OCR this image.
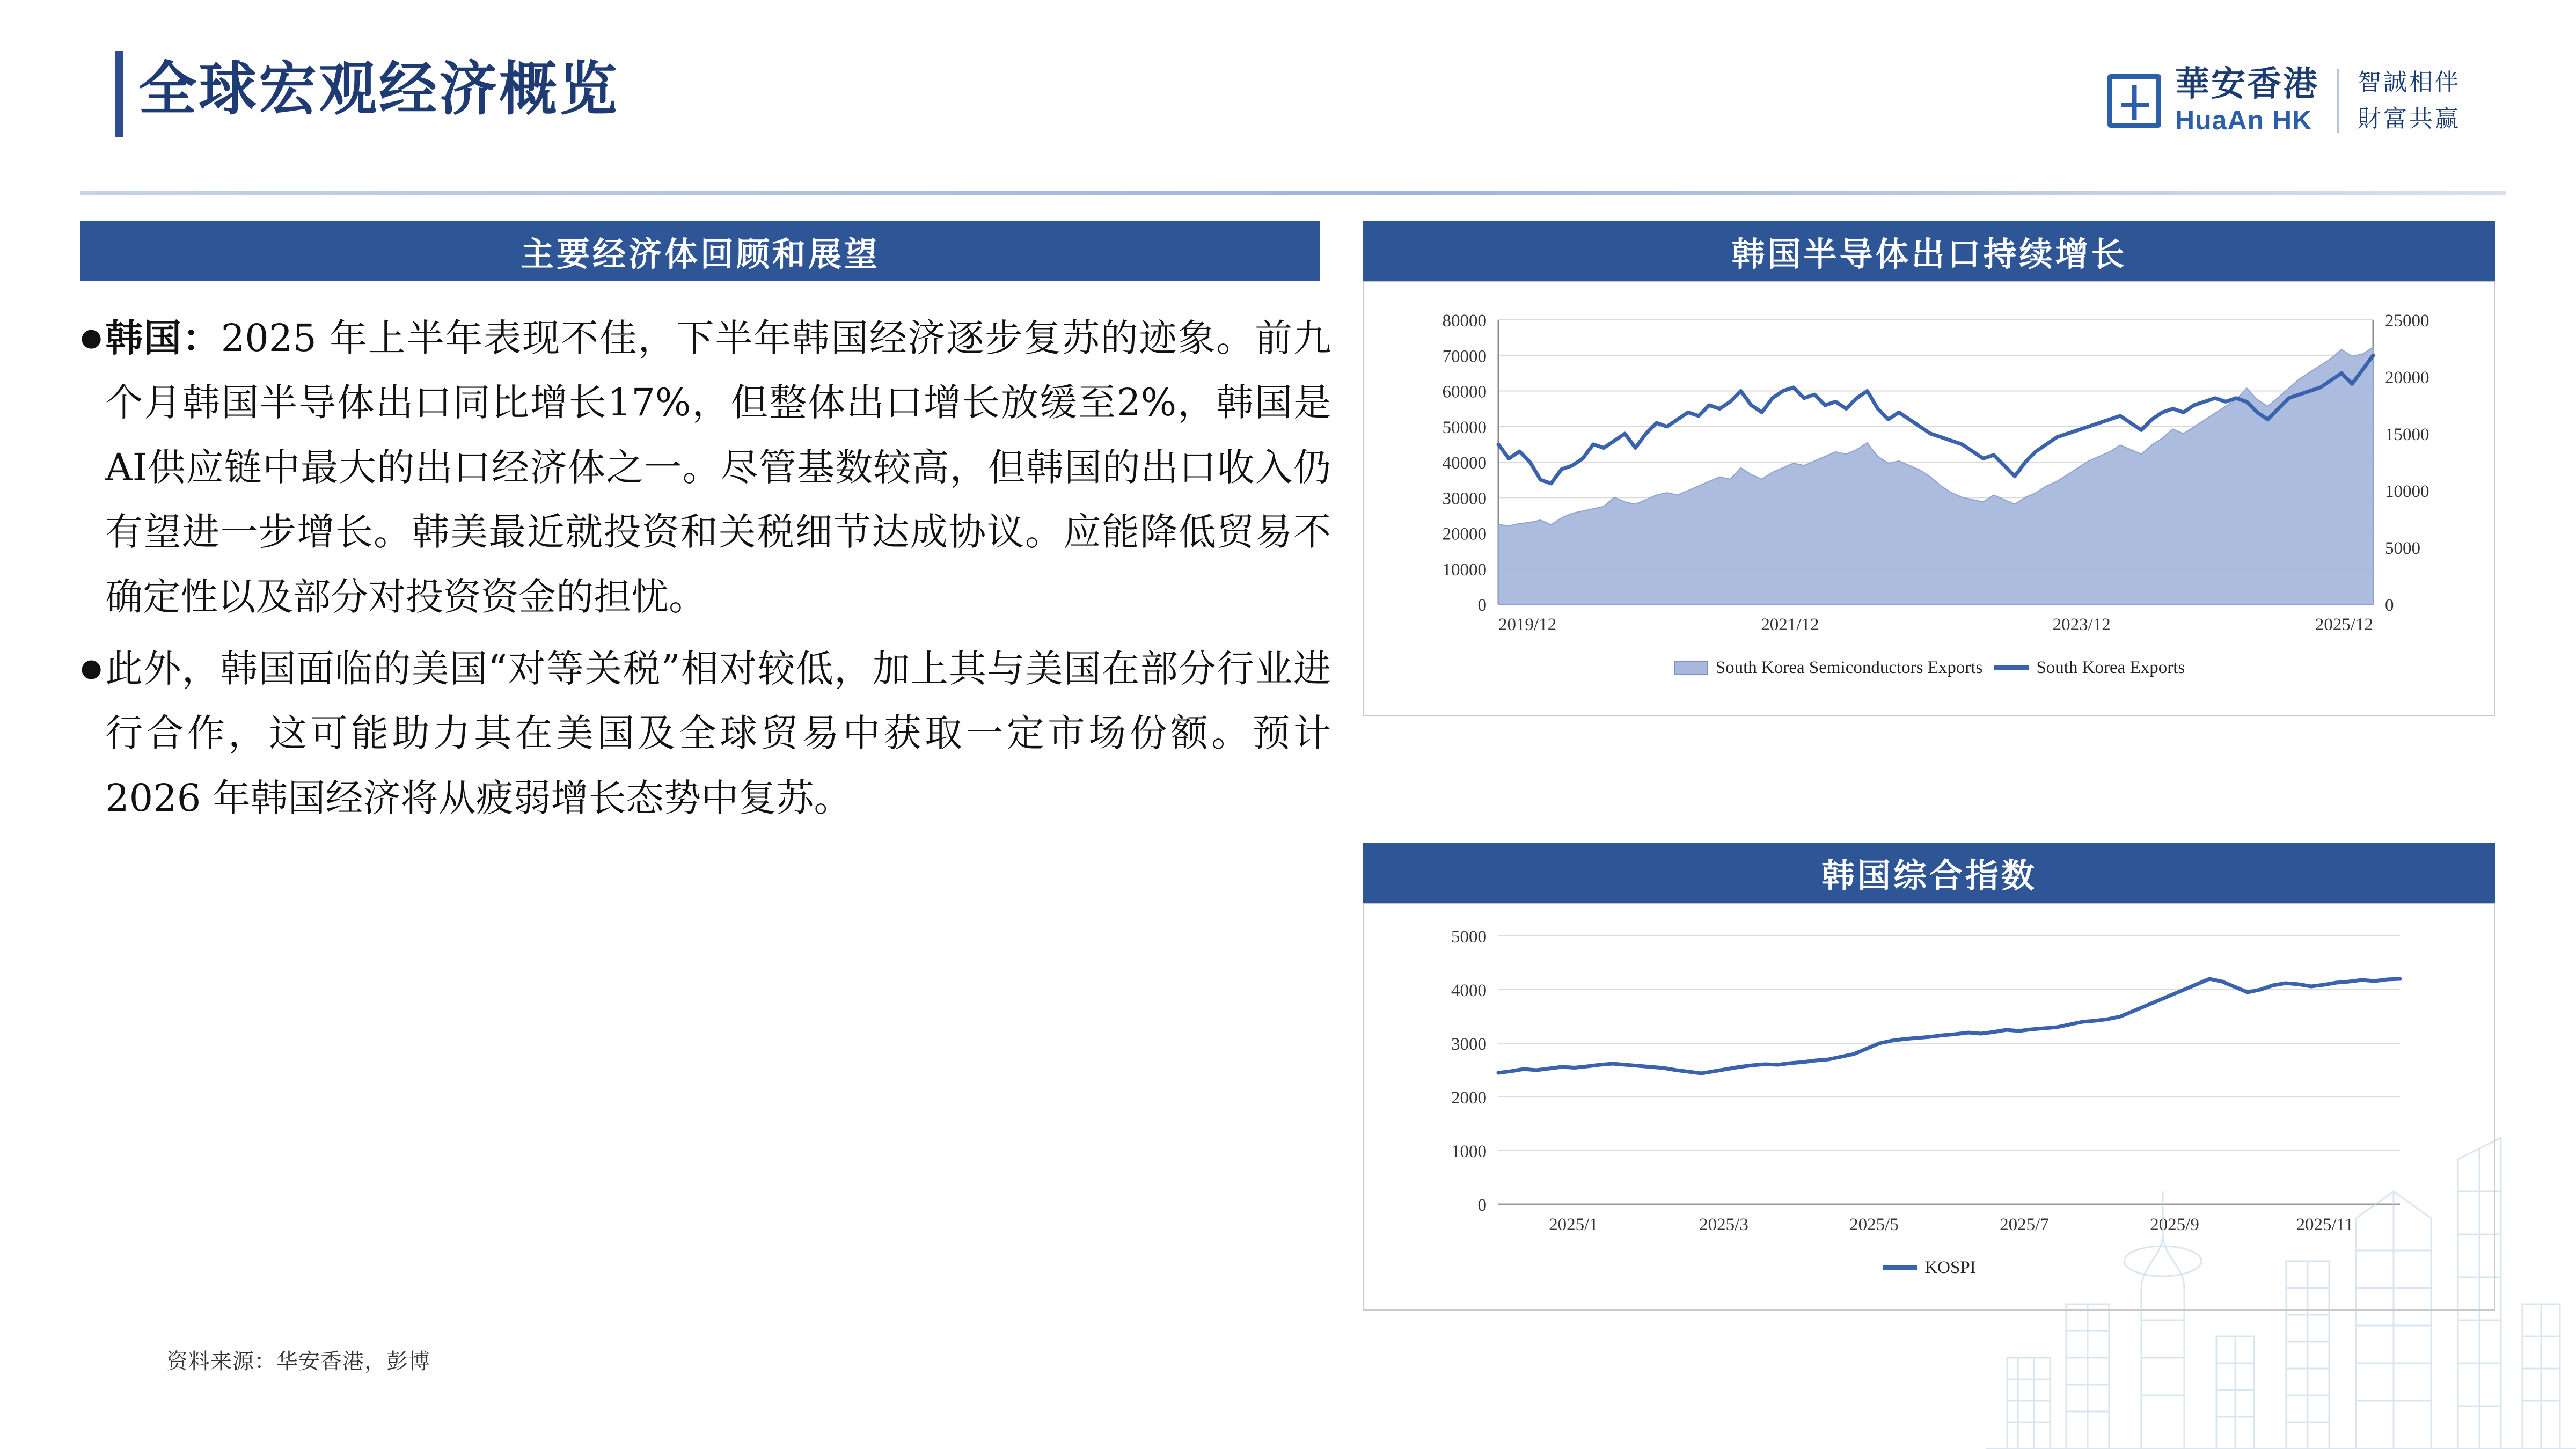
全球宏观经济概览	華安香港
HuaAn HK
智誠相伴
財富共赢
主要经济体回顾和展望	韩国半导体出口持续增长
韩国综合指数
● 韩国：2025 年上半年表现不佳，下半年韩国经济逐步复苏的迹象。前九个月韩国半导体出口同比增长17%，但整体出口增长放缓至2%，韩国是AI供应链中最大的出口经济体之一。尽管基数较高，但韩国的出口收入仍有望进一步增长。韩美最近就投资和关税细节达成协议。应能降低贸易不确定性以及部分对投资资金的担忧。
● 此外，韩国面临的美国“对等关税”相对较低，加上其与美国在部分行业进行合作，这可能助力其在美国及全球贸易中获取一定市场份额。预计 2026 年韩国经济将从疲弱增长态势中复苏。
资料来源：华安香港，彭博
0
10000
20000
30000
40000
50000
60000
70000
80000
0
5000
10000
15000
20000
25000
2019/12	2021/12	2023/12	2025/12
South Korea Semiconductors Exports	South Korea Exports
0
1000
2000
3000
4000
5000
2025/1	2025/3	2025/5	2025/7	2025/9	2025/11
KOSPI
